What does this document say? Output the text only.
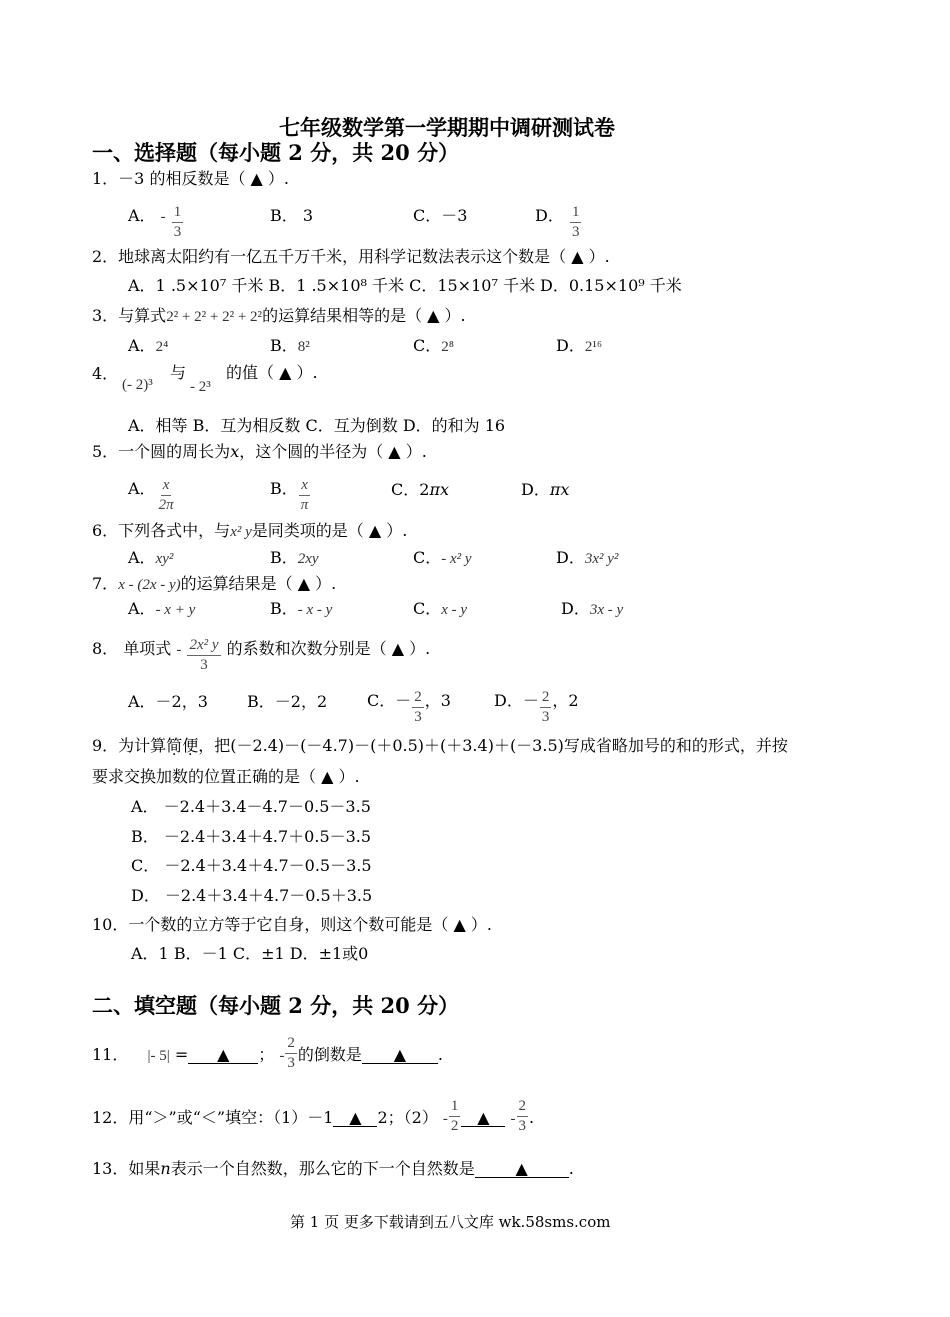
七年级数学第一学期期中调研测试卷
一、选择题（每小题 2 分，共 20 分）
1．－3 的相反数是（ ▲ ）.
A． - $\frac{1}{3}$	B． 3	C．－3	D． $\frac{1}{3}$
2．地球离太阳约有一亿五千万千米，用科学记数法表示这个数是（ ▲ ）.
A．1 .5×10⁷ 千米 B．1 .5×10⁸ 千米 C．15×10⁷ 千米 D．0.15×10⁹ 千米
3．与算式2² + 2² + 2² + 2²的运算结果相等的是（ ▲ ）.
A．2⁴	B．8²	C．2⁸	D．2¹⁶
4．
(- 2)³
与
- 2³
的值（ ▲ ）.
A．相等 B．互为相反数 C．互为倒数 D．的和为 16
5．一个圆的周长为x，这个圆的半径为（ ▲ ）.
A． $\frac{x}{2\pi}$	B． $\frac{x}{\pi}$	C．2πx	D．πx
6．下列各式中，与x² y是同类项的是（ ▲ ）.
A．xy²	B．2xy	C．- x² y	D．3x² y²
7．x - (2x - y)的运算结果是（ ▲ ）.
A．- x + y	B．- x - y	C．x - y	D．3x - y
8． 单项式 - $\frac{\text{2x² y}}{3}$ 的系数和次数分别是（ ▲ ）.
A．－2，3 B．－2，2 C．－ $\frac{2}{3}$ ，3	D．－ $\frac{2}{3}$ ，2
9．为计算简便，把(－2.4)－(－4.7)－(＋0.5)＋(＋3.4)＋(－3.5)写成省略加号的和的形式，并按
要求交换加数的位置正确的是（ ▲ ）.
A． －2.4＋3.4－4.7－0.5－3.5
B． －2.4＋3.4＋4.7＋0.5－3.5
C． －2.4＋3.4＋4.7－0.5－3.5
D． －2.4＋3.4＋4.7－0.5＋3.5
10．一个数的立方等于它自身，则这个数可能是（ ▲ ）.
A．1 B．－1 C．±1 D．±1或0
二、填空题（每小题 2 分，共 20 分）
11． |- 5| = ▲ ； - $\frac{2}{3}$ 的倒数是 ▲ .
12．用“＞”或“＜”填空：（1）－1 ▲ 2；$(2) - \frac{1}{2}$ ▲ - $\frac{2}{3}$ .
13．如果n表示一个自然数，那么它的下一个自然数是	▲	.
第 1 页 更多下载请到五八文库 wk.58sms.com
